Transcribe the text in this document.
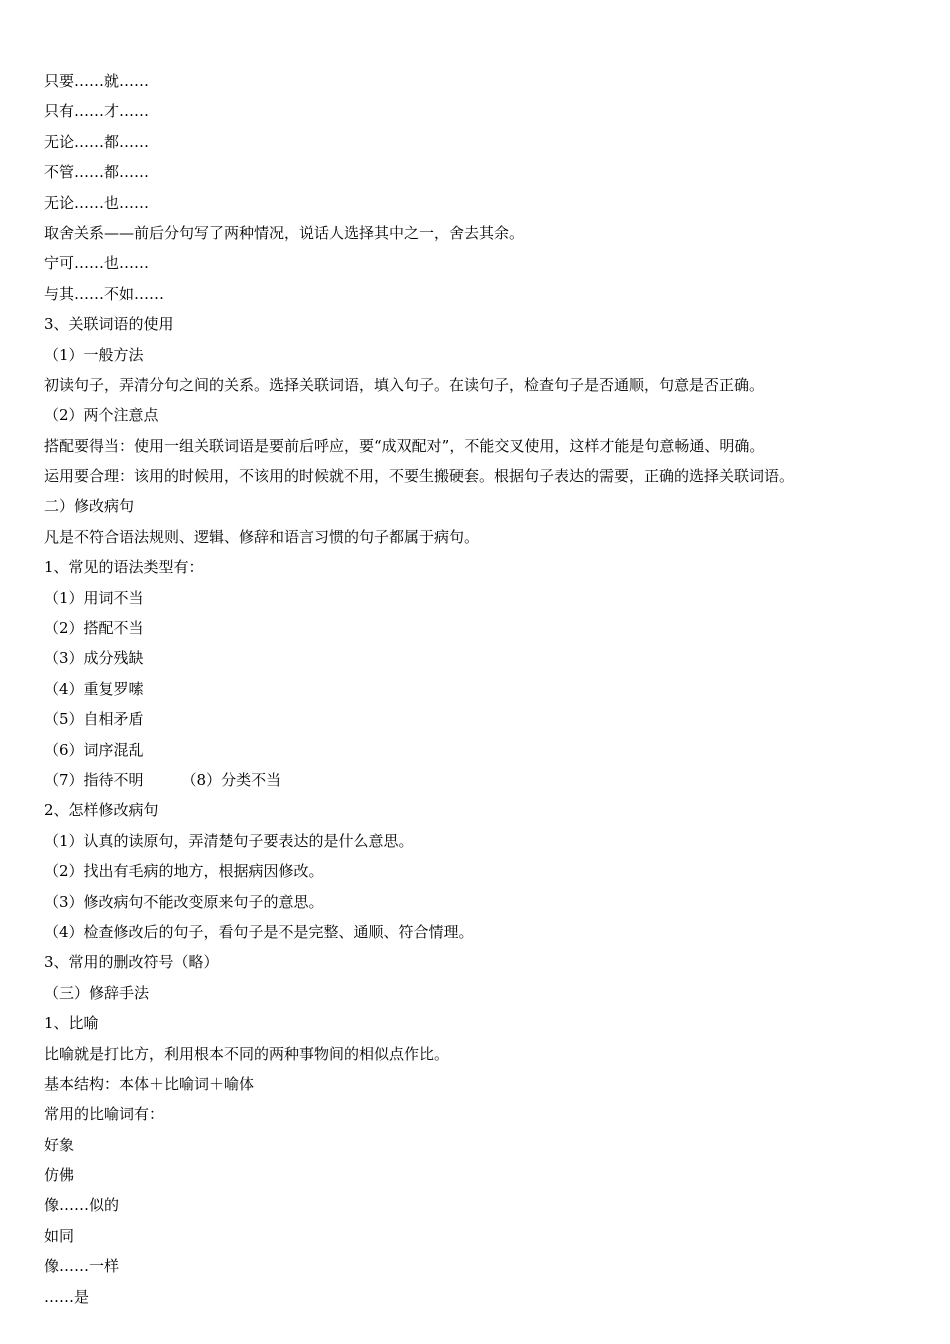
只要……就……
只有……才……
无论……都……
不管……都……
无论……也……
取舍关系——前后分句写了两种情况，说话人选择其中之一，舍去其余。
宁可……也……
与其……不如……
3、关联词语的使用
（1）一般方法
初读句子，弄清分句之间的关系。选择关联词语，填入句子。在读句子，检查句子是否通顺，句意是否正确。
（2）两个注意点
搭配要得当：使用一组关联词语是要前后呼应，要“成双配对”，不能交叉使用，这样才能是句意畅通、明确。
运用要合理：该用的时候用，不该用的时候就不用，不要生搬硬套。根据句子表达的需要，正确的选择关联词语。
二）修改病句
凡是不符合语法规则、逻辑、修辞和语言习惯的句子都属于病句。
1、常见的语法类型有：
（1）用词不当
（2）搭配不当
（3）成分残缺
（4）重复罗嗦
（5）自相矛盾
（6）词序混乱
（7）指待不明	（8）分类不当
2、怎样修改病句
（1）认真的读原句，弄清楚句子要表达的是什么意思。
（2）找出有毛病的地方，根据病因修改。
（3）修改病句不能改变原来句子的意思。
（4）检查修改后的句子，看句子是不是完整、通顺、符合情理。
3、常用的删改符号（略）
（三）修辞手法
1、比喻
比喻就是打比方，利用根本不同的两种事物间的相似点作比。
基本结构：本体＋比喻词＋喻体
常用的比喻词有：
好象
仿佛
像……似的
如同
像……一样
……是
